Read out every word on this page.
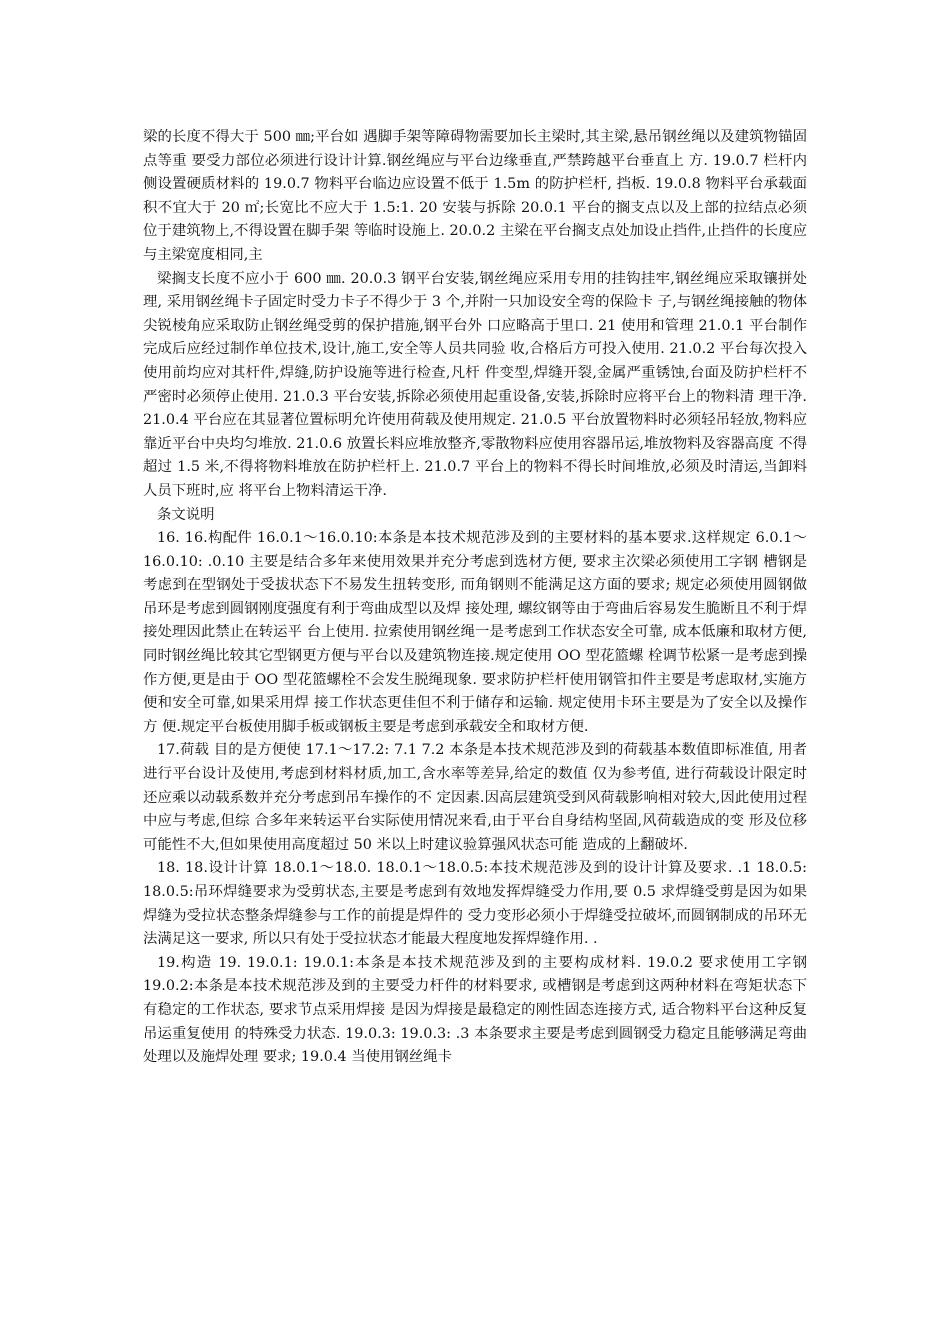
梁的长度不得大于 500 ㎜;平台如 遇脚手架等障碍物需要加长主梁时,其主梁,悬吊钢丝绳以及建筑物锚固点等重 要受力部位必须进行设计计算.钢丝绳应与平台边缘垂直,严禁跨越平台垂直上 方. 19.0.7 栏杆内侧设置硬质材料的 19.0.7 物料平台临边应设置不低于 1.5m 的防护栏杆, 挡板. 19.0.8 物料平台承载面积不宜大于 20 ㎡;长宽比不应大于 1.5:1. 20 安装与拆除 20.0.1 平台的搁支点以及上部的拉结点必须位于建筑物上,不得设置在脚手架 等临时设施上. 20.0.2 主梁在平台搁支点处加设止挡件,止挡件的长度应与主梁宽度相同,主

梁搁支长度不应小于 600 ㎜. 20.0.3 钢平台安装,钢丝绳应采用专用的挂钩挂牢,钢丝绳应采取镶拼处理, 采用钢丝绳卡子固定时受力卡子不得少于 3 个,并附一只加设安全弯的保险卡 子,与钢丝绳接触的物体尖锐棱角应采取防止钢丝绳受剪的保护措施,钢平台外 口应略高于里口. 21 使用和管理 21.0.1 平台制作完成后应经过制作单位技术,设计,施工,安全等人员共同验 收,合格后方可投入使用. 21.0.2 平台每次投入使用前均应对其杆件,焊缝,防护设施等进行检查,凡杆 件变型,焊缝开裂,金属严重锈蚀,台面及防护栏杆不严密时必须停止使用. 21.0.3 平台安装,拆除必须使用起重设备,安装,拆除时应将平台上的物料清 理干净. 21.0.4 平台应在其显著位置标明允许使用荷载及使用规定. 21.0.5 平台放置物料时必须轻吊轻放,物料应靠近平台中央均匀堆放. 21.0.6 放置长料应堆放整齐,零散物料应使用容器吊运,堆放物料及容器高度 不得超过 1.5 米,不得将物料堆放在防护栏杆上. 21.0.7 平台上的物料不得长时间堆放,必须及时清运,当卸料人员下班时,应 将平台上物料清运干净.

条文说明

16. 16.构配件 16.0.1～16.0.10:本条是本技术规范涉及到的主要材料的基本要求.这样规定 6.0.1～16.0.10: .0.10 主要是结合多年来使用效果并充分考虑到选材方便, 要求主次梁必须使用工字钢 槽钢是考虑到在型钢处于受拔状态下不易发生扭转变形, 而角钢则不能满足这方面的要求; 规定必须使用圆钢做吊环是考虑到圆钢刚度强度有利于弯曲成型以及焊 接处理, 螺纹钢等由于弯曲后容易发生脆断且不利于焊接处理因此禁止在转运平 台上使用. 拉索使用钢丝绳一是考虑到工作状态安全可靠, 成本低廉和取材方便, 同时钢丝绳比较其它型钢更方便与平台以及建筑物连接.规定使用 OO 型花篮螺 栓调节松紧一是考虑到操作方便,更是由于 OO 型花篮螺栓不会发生脱绳现象. 要求防护栏杆使用钢管扣件主要是考虑取材,实施方便和安全可靠,如果采用焊 接工作状态更佳但不利于储存和运输. 规定使用卡环主要是为了安全以及操作方 便.规定平台板使用脚手板或钢板主要是考虑到承载安全和取材方便.

17.荷载 目的是方便使 17.1～17.2: 7.1 7.2 本条是本技术规范涉及到的荷载基本数值即标准值, 用者进行平台设计及使用,考虑到材料材质,加工,含水率等差异,给定的数值 仅为参考值, 进行荷载设计限定时还应乘以动载系数并充分考虑到吊车操作的不 定因素.因高层建筑受到风荷载影响相对较大,因此使用过程中应与考虑,但综 合多年来转运平台实际使用情况来看,由于平台自身结构坚固,风荷载造成的变 形及位移可能性不大,但如果使用高度超过 50 米以上时建议验算强风状态可能 造成的上翻破坏.

18. 18.设计计算 18.0.1～18.0. 18.0.1～18.0.5:本技术规范涉及到的设计计算及要求. .1 18.0.5: 18.0.5:吊环焊缝要求为受剪状态,主要是考虑到有效地发挥焊缝受力作用,要 0.5 求焊缝受剪是因为如果焊缝为受拉状态整条焊缝参与工作的前提是焊件的 受力变形必须小于焊缝受拉破坏,而圆钢制成的吊环无法满足这一要求, 所以只有处于受拉状态才能最大程度地发挥焊缝作用. .

19.构造 19. 19.0.1: 19.0.1:本条是本技术规范涉及到的主要构成材料. 19.0.2 要求使用工字钢 19.0.2:本条是本技术规范涉及到的主要受力杆件的材料要求, 或槽钢是考虑到这两种材料在弯矩状态下有稳定的工作状态, 要求节点采用焊接 是因为焊接是最稳定的刚性固态连接方式, 适合物料平台这种反复吊运重复使用 的特殊受力状态. 19.0.3: 19.0.3: .3 本条要求主要是考虑到圆钢受力稳定且能够满足弯曲处理以及施焊处理 要求; 19.0.4 当使用钢丝绳卡
